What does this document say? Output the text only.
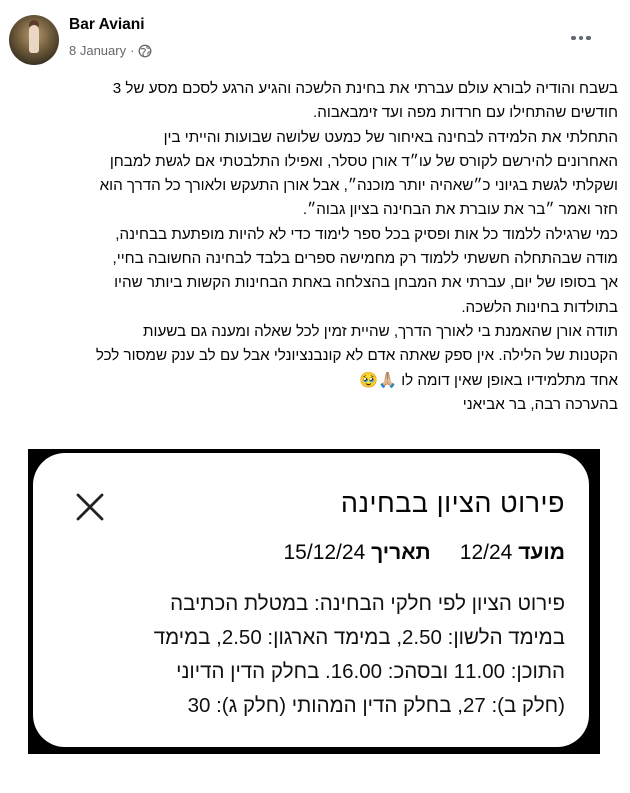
Bar Aviani
8 January ·

בשבח והודיה לבורא עולם עברתי את בחינת הלשכה והגיע הרגע לסכם מסע של 3

חודשים שהתחילו עם חרדות מפה ועד זימבאבוה.

התחלתי את הלמידה לבחינה באיחור של כמעט שלושה שבועות והייתי בין

האחרונים להירשם לקורס של עו״ד אורן טסלר, ואפילו התלבטתי אם לגשת למבחן

ושקלתי לגשת בגיוני כ״שאהיה יותר מוכנה״, אבל אורן התעקש ולאורך כל הדרך הוא

חזר ואמר ״בר את עוברת את הבחינה בציון גבוה״.

כמי שרגילה ללמוד כל אות ופסיק בכל ספר לימוד כדי לא להיות מופתעת בבחינה,

מודה שבהתחלה חששתי ללמוד רק מחמישה ספרים בלבד לבחינה החשובה בחיי,

אך בסופו של יום, עברתי את המבחן בהצלחה באחת הבחינות הקשות ביותר שהיו

בתולדות בחינות הלשכה.

תודה אורן שהאמנת בי לאורך הדרך, שהיית זמין לכל שאלה ומענה גם בשעות

הקטנות של הלילה. אין ספק שאתה אדם לא קונבנציונלי אבל עם לב ענק שמסור לכל

אחד מתלמידיו באופן שאין דומה לו 🙏🏼🥹

בהערכה רבה, בר אביאני

פירוט הציון בבחינה
מועד 12/24     תאריך 15/12/24

פירוט הציון לפי חלקי הבחינה: במטלת הכתיבה

במימד הלשון: 2.50, במימד הארגון: 2.50, במימד

התוכן: 11.00 ובסהכ: 16.00. בחלק הדין הדיוני

(חלק ב): 27, בחלק הדין המהותי (חלק ג): 30
